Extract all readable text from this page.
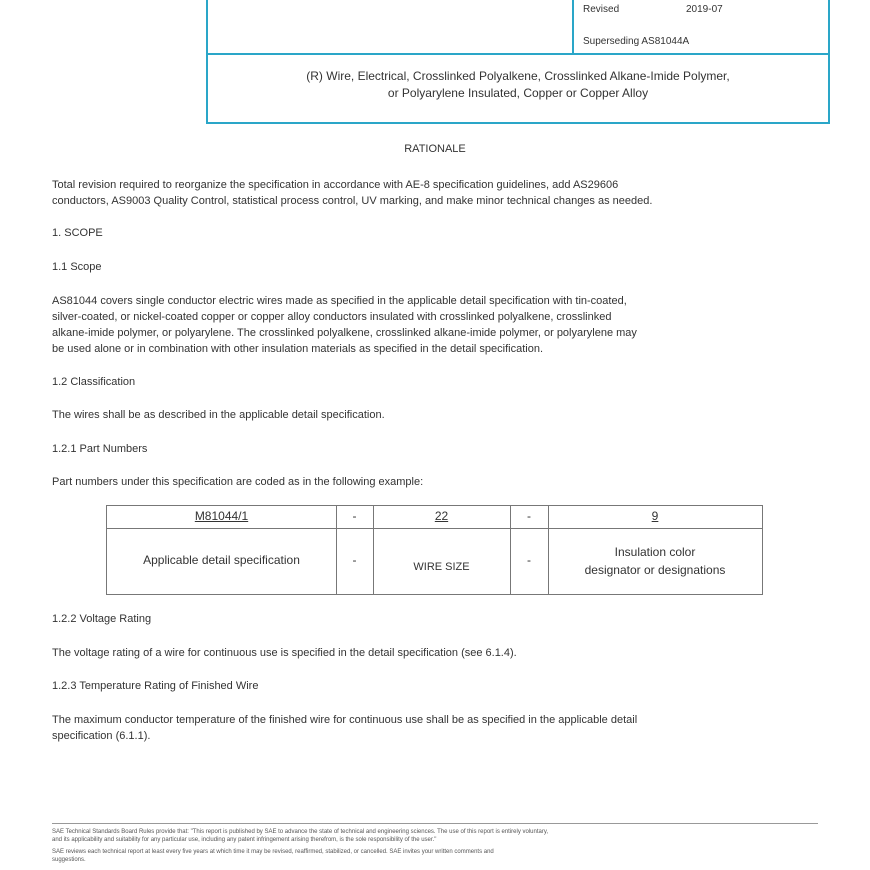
Revised	2019-07
Superseding AS81044A
(R) Wire, Electrical, Crosslinked Polyalkene, Crosslinked Alkane-Imide Polymer,
or Polyarylene Insulated, Copper or Copper Alloy
RATIONALE
Total revision required to reorganize the specification in accordance with AE-8 specification guidelines, add AS29606
conductors, AS9003 Quality Control, statistical process control, UV marking, and make minor technical changes as needed.
1. SCOPE
1.1 Scope
AS81044 covers single conductor electric wires made as specified in the applicable detail specification with tin-coated,
silver-coated, or nickel-coated copper or copper alloy conductors insulated with crosslinked polyalkene, crosslinked
alkane-imide polymer, or polyarylene. The crosslinked polyalkene, crosslinked alkane-imide polymer, or polyarylene may
be used alone or in combination with other insulation materials as specified in the detail specification.
1.2 Classification
The wires shall be as described in the applicable detail specification.
1.2.1 Part Numbers
Part numbers under this specification are coded as in the following example:
M81044/1	-	22	-	9
Applicable detail specification	-	WIRE SIZE	-
Insulation color
designator or designations
1.2.2 Voltage Rating
The voltage rating of a wire for continuous use is specified in the detail specification (see 6.1.4).
1.2.3 Temperature Rating of Finished Wire
The maximum conductor temperature of the finished wire for continuous use shall be as specified in the applicable detail
specification (6.1.1).
SAE Technical Standards Board Rules provide that: "This report is published by SAE to advance the state of technical and engineering sciences. The use of this report is entirely voluntary,
and its applicability and suitability for any particular use, including any patent infringement arising therefrom, is the sole responsibility of the user."
SAE reviews each technical report at least every five years at which time it may be revised, reaffirmed, stabilized, or cancelled. SAE invites your written comments and
suggestions.
